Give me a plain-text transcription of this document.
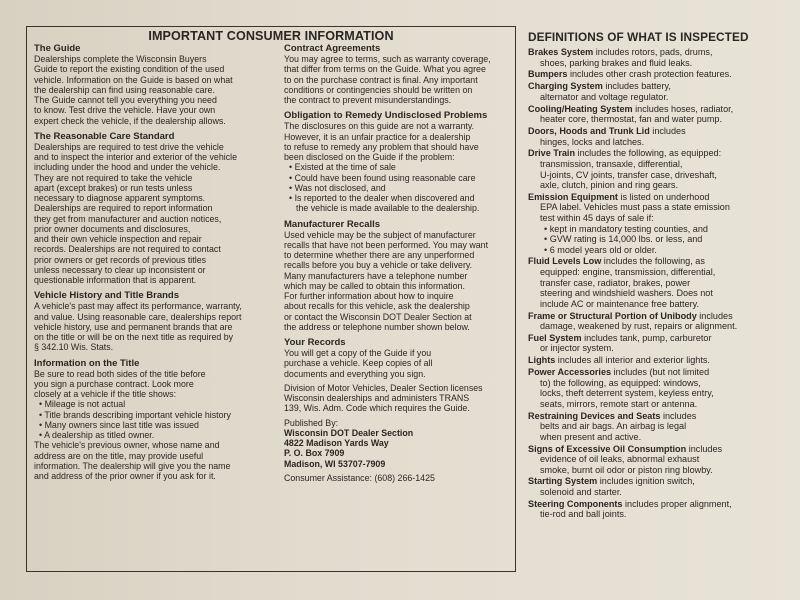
IMPORTANT CONSUMER INFORMATION
The Guide
Dealerships complete the Wisconsin Buyers
Guide to report the existing condition of the used
vehicle. Information on the Guide is based on what
the dealership can find using reasonable care.
The Guide cannot tell you everything you need
to know. Test drive the vehicle. Have your own
expert check the vehicle, if the dealership allows.
The Reasonable Care Standard
Dealerships are required to test drive the vehicle
and to inspect the interior and exterior of the vehicle
including under the hood and under the vehicle.
They are not required to take the vehicle
apart (except brakes) or run tests unless
necessary to diagnose apparent symptoms.
Dealerships are required to report information
they get from manufacturer and auction notices,
prior owner documents and disclosures,
and their own vehicle inspection and repair
records. Dealerships are not required to contact
prior owners or get records of previous titles
unless necessary to clear up inconsistent or
questionable information that is apparent.
Vehicle History and Title Brands
A vehicle's past may affect its performance, warranty,
and value. Using reasonable care, dealerships report
vehicle history, use and permanent brands that are
on the title or will be on the next title as required by
§ 342.10 Wis. Stats.
Information on the Title
Be sure to read both sides of the title before
you sign a purchase contract. Look more
closely at a vehicle if the title shows:
• Mileage is not actual
• Title brands describing important vehicle history
• Many owners since last title was issued
• A dealership as titled owner.
The vehicle's previous owner, whose name and
address are on the title, may provide useful
information. The dealership will give you the name
and address of the prior owner if you ask for it.
Contract Agreements
You may agree to terms, such as warranty coverage,
that differ from terms on the Guide. What you agree
to on the purchase contract is final. Any important
conditions or contingencies should be written on
the contract to prevent misunderstandings.
Obligation to Remedy Undisclosed Problems
The disclosures on this guide are not a warranty.
However, it is an unfair practice for a dealership
to refuse to remedy any problem that should have
been disclosed on the Guide if the problem:
• Existed at the time of sale
• Could have been found using reasonable care
• Was not disclosed, and
• Is reported to the dealer when discovered and
the vehicle is made available to the dealership.
Manufacturer Recalls
Used vehicle may be the subject of manufacturer
recalls that have not been performed. You may want
to determine whether there are any unperformed
recalls before you buy a vehicle or take delivery.
Many manufacturers have a telephone number
which may be called to obtain this information.
For further information about how to inquire
about recalls for this vehicle, ask the dealership
or contact the Wisconsin DOT Dealer Section at
the address or telephone number shown below.
Your Records
You will get a copy of the Guide if you
purchase a vehicle. Keep copies of all
documents and everything you sign.
Division of Motor Vehicles, Dealer Section licenses
Wisconsin dealerships and administers TRANS
139, Wis. Adm. Code which requires the Guide.
Published By:
Wisconsin DOT Dealer Section
4822 Madison Yards Way
P. O. Box 7909
Madison, WI 53707-7909
Consumer Assistance: (608) 266-1425
DEFINITIONS OF WHAT IS INSPECTED
Brakes System includes rotors, pads, drums,
shoes, parking brakes and fluid leaks.
Bumpers includes other crash protection features.
Charging System includes battery,
alternator and voltage regulator.
Cooling/Heating System includes hoses, radiator,
heater core, thermostat, fan and water pump.
Doors, Hoods and Trunk Lid includes
hinges, locks and latches.
Drive Train includes the following, as equipped:
transmission, transaxle, differential,
U-joints, CV joints, transfer case, driveshaft,
axle, clutch, pinion and ring gears.
Emission Equipment is listed on underhood
EPA label. Vehicles must pass a state emission
test within 45 days of sale if:
• kept in mandatory testing counties, and
• GVW rating is 14,000 lbs. or less, and
• 6 model years old or older.
Fluid Levels Low includes the following, as
equipped: engine, transmission, differential,
transfer case, radiator, brakes, power
steering and windshield washers. Does not
include AC or maintenance free battery.
Frame or Structural Portion of Unibody includes
damage, weakened by rust, repairs or alignment.
Fuel System includes tank, pump, carburetor
or injector system.
Lights includes all interior and exterior lights.
Power Accessories includes (but not limited
to) the following, as equipped: windows,
locks, theft deterrent system, keyless entry,
seats, mirrors, remote start or antenna.
Restraining Devices and Seats includes
belts and air bags. An airbag is legal
when present and active.
Signs of Excessive Oil Consumption includes
evidence of oil leaks, abnormal exhaust
smoke, burnt oil odor or piston ring blowby.
Starting System includes ignition switch,
solenoid and starter.
Steering Components includes proper alignment,
tie-rod and ball joints.
